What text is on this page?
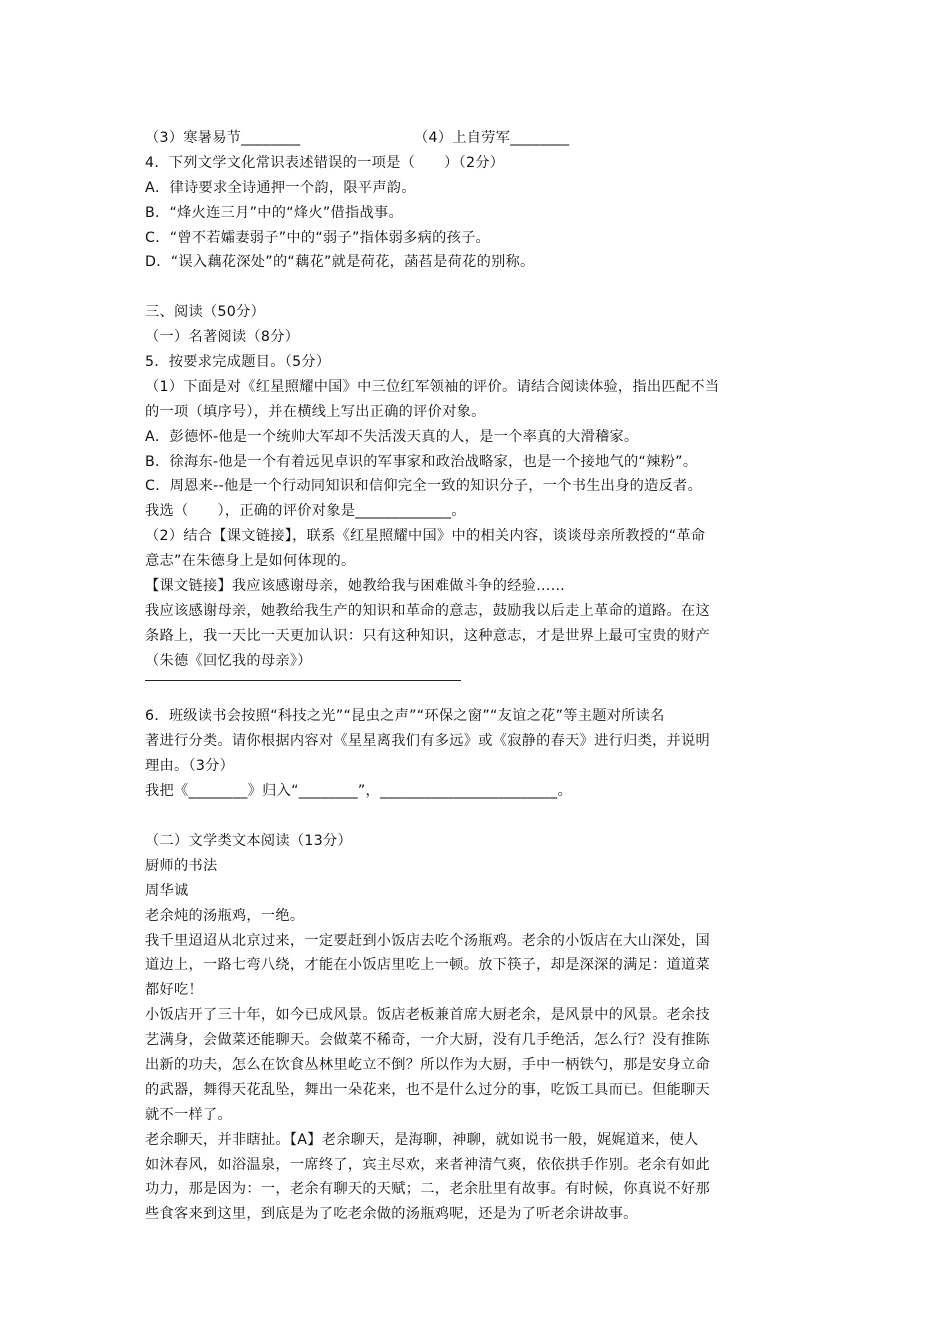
（3）寒暑易节________	（4）上自劳军________
4．下列文学文化常识表述错误的一项是（　　）（2分）
A．律诗要求全诗通押一个韵，限平声韵。
B．“烽火连三月”中的“烽火”借指战事。
C．“曾不若孀妻弱子”中的“弱子”指体弱多病的孩子。
D．“误入藕花深处”的“藕花”就是荷花，菡萏是荷花的别称。
三、阅读（50分）
（一）名著阅读（8分）
5．按要求完成题目。（5分）
（1）下面是对《红星照耀中国》中三位红军领袖的评价。请结合阅读体验，指出匹配不当
的一项（填序号），并在横线上写出正确的评价对象。
A．彭德怀-他是一个统帅大军却不失活泼天真的人，是一个率真的大滑稽家。
B．徐海东-他是一个有着远见卓识的军事家和政治战略家，也是一个接地气的“辣粉”。
C．周恩来--他是一个行动同知识和信仰完全一致的知识分子，一个书生出身的造反者。
我选（　　），正确的评价对象是_____________。
（2）结合【课文链接】，联系《红星照耀中国》中的相关内容，谈谈母亲所教授的“革命
意志”在朱德身上是如何体现的。
【课文链接】我应该感谢母亲，她教给我与困难做斗争的经验……
我应该感谢母亲，她教给我生产的知识和革命的意志，鼓励我以后走上革命的道路。在这
条路上，我一天比一天更加认识：只有这种知识，这种意志，才是世界上最可宝贵的财产
（朱德《回忆我的母亲》）
6．班级读书会按照“科技之光”“昆虫之声”“环保之窗”“友谊之花”等主题对所读名
著进行分类。请你根据内容对《星星离我们有多远》或《寂静的春天》进行归类，并说明
理由。（3分）
我把《________》归入“________”，________________________。
（二）文学类文本阅读（13分）
厨师的书法
周华诚
老余炖的汤瓶鸡，一绝。
我千里迢迢从北京过来，一定要赶到小饭店去吃个汤瓶鸡。老余的小饭店在大山深处，国
道边上，一路七弯八绕，才能在小饭店里吃上一顿。放下筷子，却是深深的满足：道道菜
都好吃！
小饭店开了三十年，如今已成风景。饭店老板兼首席大厨老余，是风景中的风景。老余技
艺满身，会做菜还能聊天。会做菜不稀奇，一介大厨，没有几手绝活，怎么行？没有推陈
出新的功夫，怎么在饮食丛林里屹立不倒？所以作为大厨，手中一柄铁勺，那是安身立命
的武器，舞得天花乱坠，舞出一朵花来，也不是什么过分的事，吃饭工具而已。但能聊天
就不一样了。
老余聊天，并非瞎扯。【A】老余聊天，是海聊，神聊，就如说书一般，娓娓道来，使人
如沐春风，如浴温泉，一席终了，宾主尽欢，来者神清气爽，依依拱手作别。老余有如此
功力，那是因为：一，老余有聊天的天赋；二，老余肚里有故事。有时候，你真说不好那
些食客来到这里，到底是为了吃老余做的汤瓶鸡呢，还是为了听老余讲故事。
